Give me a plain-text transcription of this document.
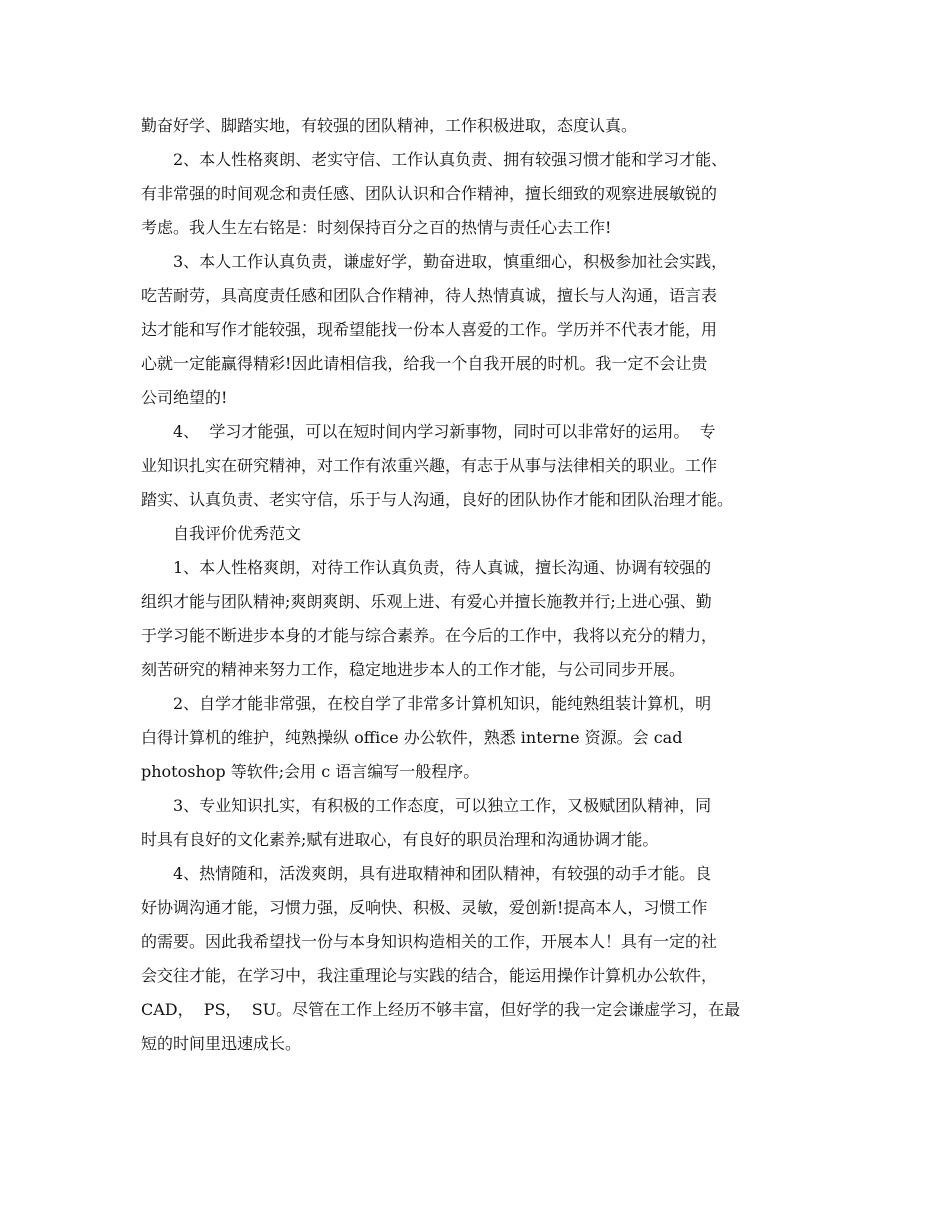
勤奋好学、脚踏实地，有较强的团队精神，工作积极进取，态度认真。
2、本人性格爽朗、老实守信、工作认真负责、拥有较强习惯才能和学习才能、
有非常强的时间观念和责任感、团队认识和合作精神，擅长细致的观察进展敏锐的
考虑。我人生左右铭是：时刻保持百分之百的热情与责任心去工作!
3、本人工作认真负责，谦虚好学，勤奋进取，慎重细心，积极参加社会实践，
吃苦耐劳，具高度责任感和团队合作精神，待人热情真诚，擅长与人沟通，语言表
达才能和写作才能较强，现希望能找一份本人喜爱的工作。学历并不代表才能，用
心就一定能赢得精彩!因此请相信我，给我一个自我开展的时机。我一定不会让贵
公司绝望的!
4、  学习才能强，可以在短时间内学习新事物，同时可以非常好的运用。  专
业知识扎实在研究精神，对工作有浓重兴趣，有志于从事与法律相关的职业。工作
踏实、认真负责、老实守信，乐于与人沟通，良好的团队协作才能和团队治理才能。
自我评价优秀范文
1、本人性格爽朗，对待工作认真负责，待人真诚，擅长沟通、协调有较强的
组织才能与团队精神;爽朗爽朗、乐观上进、有爱心并擅长施教并行;上进心强、勤
于学习能不断进步本身的才能与综合素养。在今后的工作中，我将以充分的精力，
刻苦研究的精神来努力工作，稳定地进步本人的工作才能，与公司同步开展。
2、自学才能非常强，在校自学了非常多计算机知识，能纯熟组装计算机，明
白得计算机的维护，纯熟操纵 office 办公软件，熟悉 interne 资源。会 cad
photoshop 等软件;会用 c 语言编写一般程序。
3、专业知识扎实，有积极的工作态度，可以独立工作，又极赋团队精神，同
时具有良好的文化素养;赋有进取心，有良好的职员治理和沟通协调才能。
4、热情随和，活泼爽朗，具有进取精神和团队精神，有较强的动手才能。良
好协调沟通才能，习惯力强，反响快、积极、灵敏，爱创新!提高本人，习惯工作
的需要。因此我希望找一份与本身知识构造相关的工作，开展本人！具有一定的社
会交往才能，在学习中，我注重理论与实践的结合，能运用操作计算机办公软件，
CAD，  PS，  SU。尽管在工作上经历不够丰富，但好学的我一定会谦虚学习，在最
短的时间里迅速成长。
